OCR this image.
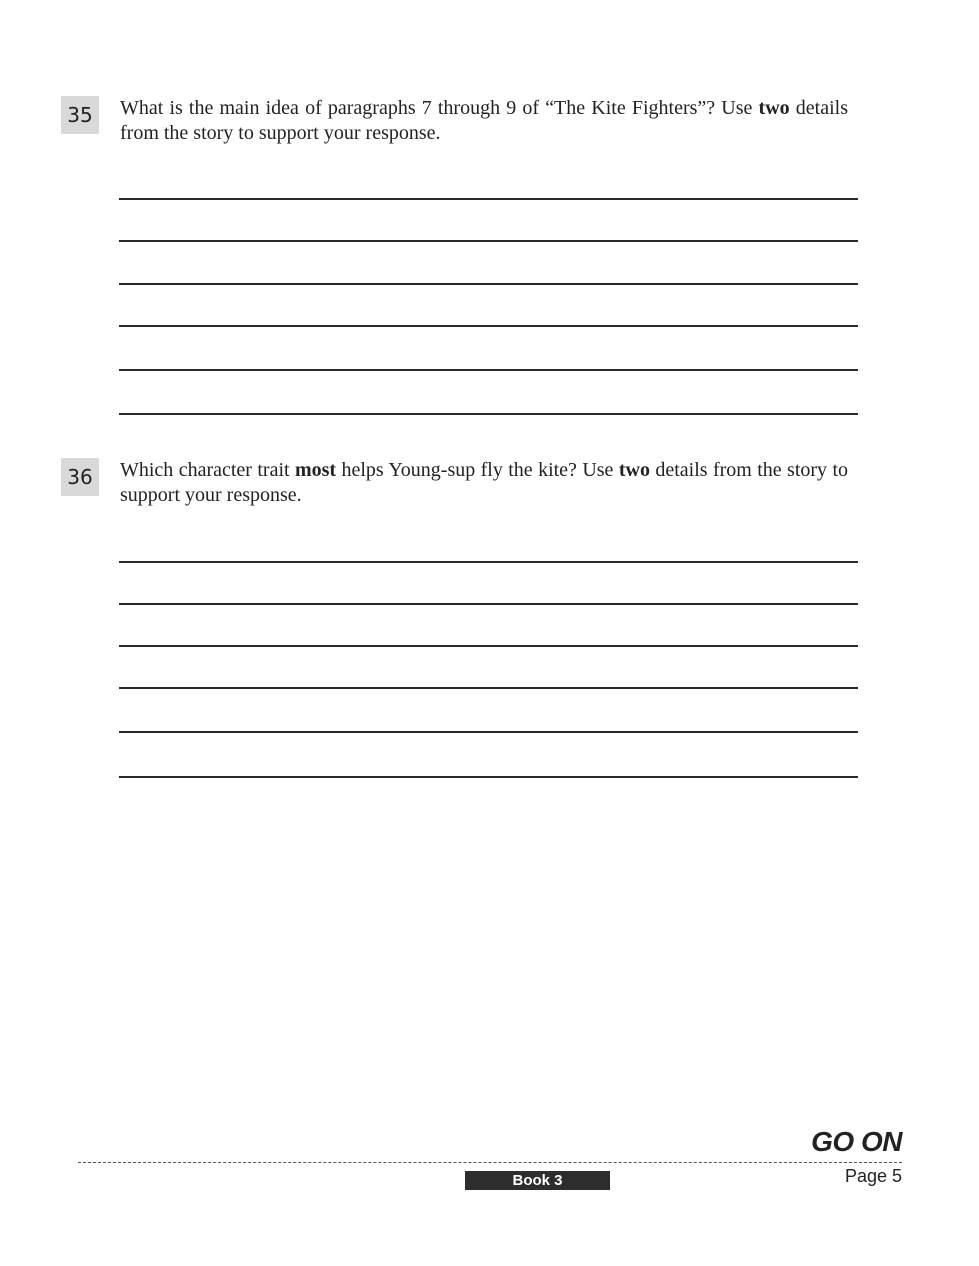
35 What is the main idea of paragraphs 7 through 9 of “The Kite Fighters”? Use two details from the story to support your response.
36 Which character trait most helps Young-sup fly the kite? Use two details from the story to support your response.
GO ON
Book 3	Page 5
